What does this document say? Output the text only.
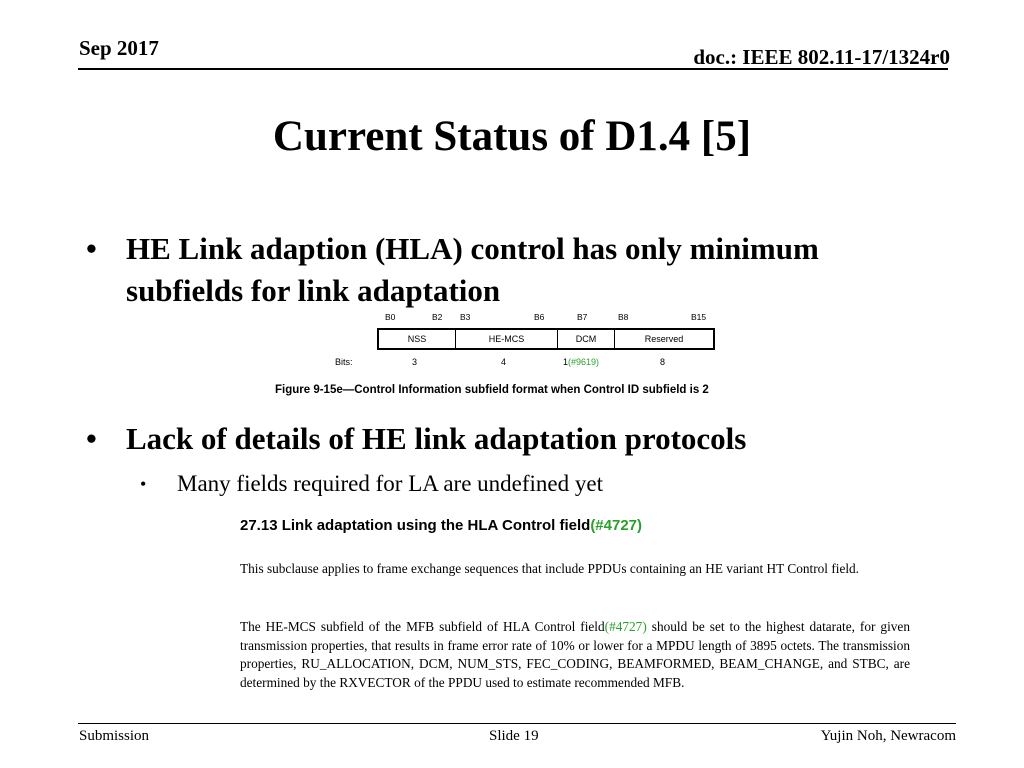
Sep 2017	doc.: IEEE 802.11-17/1324r0
Current Status of D1.4 [5]
• HE Link adaption (HLA) control has only minimum subfields for link adaptation
B0	B2 B3	B6	B7	B8	B15
NSS	HE-MCS	DCM	Reserved
Bits:	3	4	1(#9619)	8
Figure 9-15e—Control Information subfield format when Control ID subfield is 2
• Lack of details of HE link adaptation protocols
•	Many fields required for LA are undefined yet
27.13 Link adaptation using the HLA Control field(#4727)
This subclause applies to frame exchange sequences that include PPDUs containing an HE variant HT Control field.
The HE-MCS subfield of the MFB subfield of HLA Control field(#4727) should be set to the highest datarate, for given transmission properties, that results in frame error rate of 10% or lower for a MPDU length of 3895 octets. The transmission properties, RU_ALLOCATION, DCM, NUM_STS, FEC_CODING, BEAMFORMED, BEAM_CHANGE, and STBC, are determined by the RXVECTOR of the PPDU used to estimate recommended MFB.
Submission	Slide 19	Yujin Noh, Newracom
